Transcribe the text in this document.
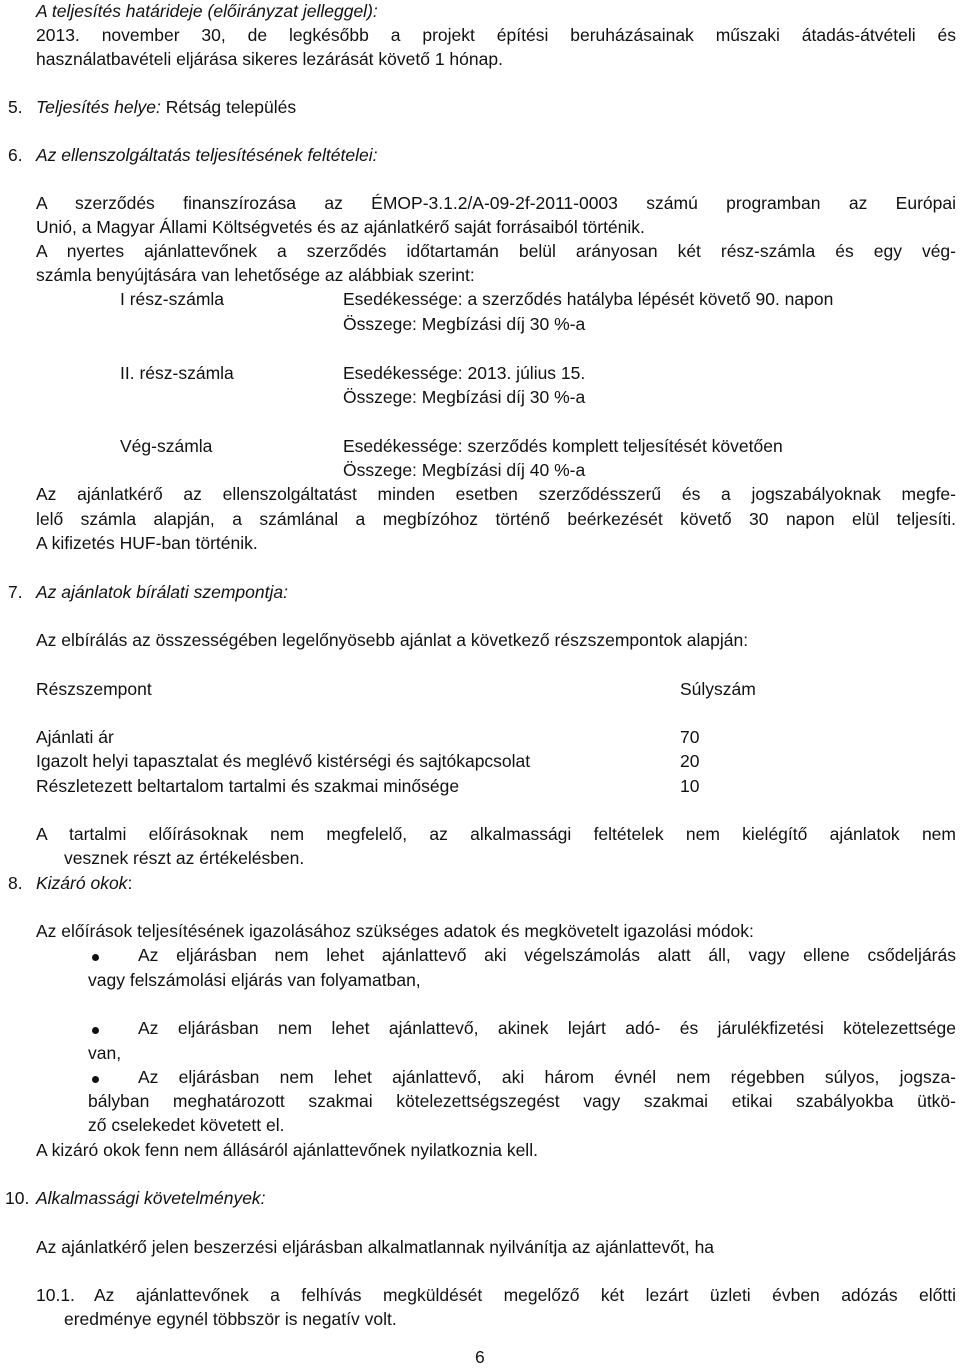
A teljesítés határideje (előirányzat jelleggel):
2013. november 30, de legkésőbb a projekt építési beruházásainak műszaki átadás-átvételi és
használatbavételi eljárása sikeres lezárását követő 1 hónap.
5. Teljesítés helye: Rétság település
6. Az ellenszolgáltatás teljesítésének feltételei:
A szerződés finanszírozása az ÉMOP-3.1.2/A-09-2f-2011-0003 számú programban az Európai
Unió, a Magyar Állami Költségvetés és az ajánlatkérő saját forrásaiból történik.
A nyertes ajánlattevőnek a szerződés időtartamán belül arányosan két rész-számla és egy vég-
számla benyújtására van lehetősége az alábbiak szerint:
I rész-számla	Esedékessége: a szerződés hatályba lépését követő 90. napon
Összege: Megbízási díj 30 %-a
II. rész-számla	Esedékessége: 2013. július 15.
Összege: Megbízási díj 30 %-a
Vég-számla	Esedékessége: szerződés komplett teljesítését követően
Összege: Megbízási díj 40 %-a
Az ajánlatkérő az ellenszolgáltatást minden esetben szerződésszerű és a jogszabályoknak megfe-
lelő számla alapján, a számlánal a megbízóhoz történő beérkezését követő 30 napon elül teljesíti.
A kifizetés HUF-ban történik.
7. Az ajánlatok bírálati szempontja:
Az elbírálás az összességében legelőnyösebb ajánlat a következő részszempontok alapján:
Részszempont	Súlyszám
Ajánlati ár	70
Igazolt helyi tapasztalat és meglévő kistérségi és sajtókapcsolat	20
Részletezett beltartalom tartalmi és szakmai minősége	10
A tartalmi előírásoknak nem megfelelő, az alkalmassági feltételek nem kielégítő ajánlatok nem
vesznek részt az értékelésben.
8. Kizáró okok:
Az előírások teljesítésének igazolásához szükséges adatok és megkövetelt igazolási módok:
Az eljárásban nem lehet ajánlattevő aki végelszámolás alatt áll, vagy ellene csődeljárás
vagy felszámolási eljárás van folyamatban,
Az eljárásban nem lehet ajánlattevő, akinek lejárt adó- és járulékfizetési kötelezettsége
van,
Az eljárásban nem lehet ajánlattevő, aki három évnél nem régebben súlyos, jogsza-
bályban meghatározott szakmai kötelezettségszegést vagy szakmai etikai szabályokba ütkö-
ző cselekedet követett el.
A kizáró okok fenn nem állásáról ajánlattevőnek nyilatkoznia kell.
10. Alkalmassági követelmények:
Az ajánlatkérő jelen beszerzési eljárásban alkalmatlannak nyilvánítja az ajánlattevőt, ha
10.1. Az ajánlattevőnek a felhívás megküldését megelőző két lezárt üzleti évben adózás előtti
eredménye egynél többször is negatív volt.
6
